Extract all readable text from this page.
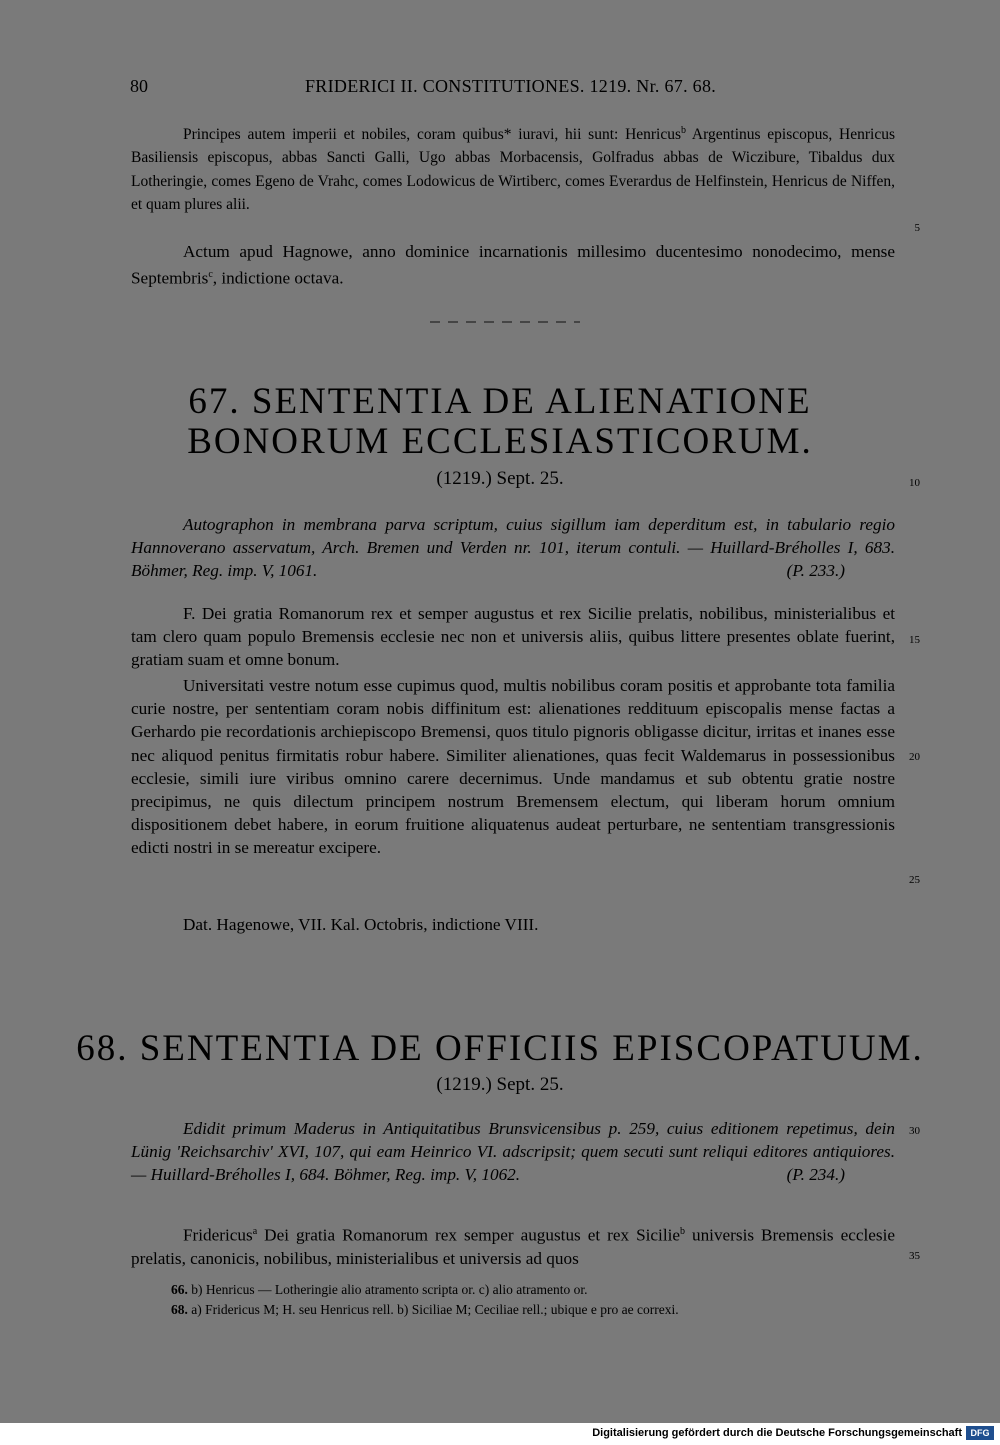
80	FRIDERICI II. CONSTITUTIONES. 1219. Nr. 67. 68.
Principes autem imperii et nobiles, coram quibus* iuravi, hii sunt: Henricus$^b$ Argentinus episcopus, Henricus Basiliensis episcopus, abbas Sancti Galli, Ugo abbas Morbacensis, Golfradus abbas de Wiczibure, Tibaldus dux Lotheringie, comes Egeno de Vrahc, comes Lodowicus de Wirtiberc, comes Everardus de Helfinstein, Henricus de Niffen, et quam plures alii.
Actum apud Hagnowe, anno dominice incarnationis millesimo ducentesimo nonodecimo, mense Septembris$^c$, indictione octava.
67. SENTENTIA DE ALIENATIONE
BONORUM ECCLESIASTICORUM.
(1219.) Sept. 25.
Autographon in membrana parva scriptum, cuius sigillum iam deperditum est, in tabulario regio Hannoverano asservatum, Arch. Bremen und Verden nr. 101, iterum contuli. — Huillard-Bréholles I, 683. Böhmer, Reg. imp. V, 1061.	(P. 233.)
F. Dei gratia Romanorum rex et semper augustus et rex Sicilie prelatis, nobilibus, ministerialibus et tam clero quam populo Bremensis ecclesie nec non et universis aliis, quibus littere presentes oblate fuerint, gratiam suam et omne bonum.
Universitati vestre notum esse cupimus quod, multis nobilibus coram positis et approbante tota familia curie nostre, per sententiam coram nobis diffinitum est: alienationes reddituum episcopalis mense factas a Gerhardo pie recordationis archiepiscopo Bremensi, quos titulo pignoris obligasse dicitur, irritas et inanes esse nec aliquod penitus firmitatis robur habere. Similiter alienationes, quas fecit Waldemarus in possessionibus ecclesie, simili iure viribus omnino carere decernimus. Unde mandamus et sub obtentu gratie nostre precipimus, ne quis dilectum principem nostrum Bremensem electum, qui liberam horum omnium dispositionem debet habere, in eorum fruitione aliquatenus audeat perturbare, ne sententiam transgressionis edicti nostri in se mereatur excipere.
Dat. Hagenowe, VII. Kal. Octobris, indictione VIII.
68. SENTENTIA DE OFFICIIS EPISCOPATUUM.
(1219.) Sept. 25.
Edidit primum Maderus in Antiquitatibus Brunsvicensibus p. 259, cuius editionem repetimus, dein Lünig 'Reichsarchiv' XVI, 107, qui eam Heinrico VI. adscripsit; quem secuti sunt reliqui editores antiquiores. — Huillard-Bréholles I, 684. Böhmer, Reg. imp. V, 1062.	(P. 234.)
Fridericus$^a$ Dei gratia Romanorum rex semper augustus et rex Sicilie$^b$ universis Bremensis ecclesie prelatis, canonicis, nobilibus, ministerialibus et universis ad quos
5
10
15
20
25
30
35
66. b) Henricus — Lotheringie alio atramento scripta or. c) alio atramento or.
68. a) Fridericus M; H. seu Henricus rell. b) Siciliae M; Ceciliae rell.; ubique e pro ae correxi.
Digitalisierung gefördert durch die Deutsche Forschungsgemeinschaft DFG
